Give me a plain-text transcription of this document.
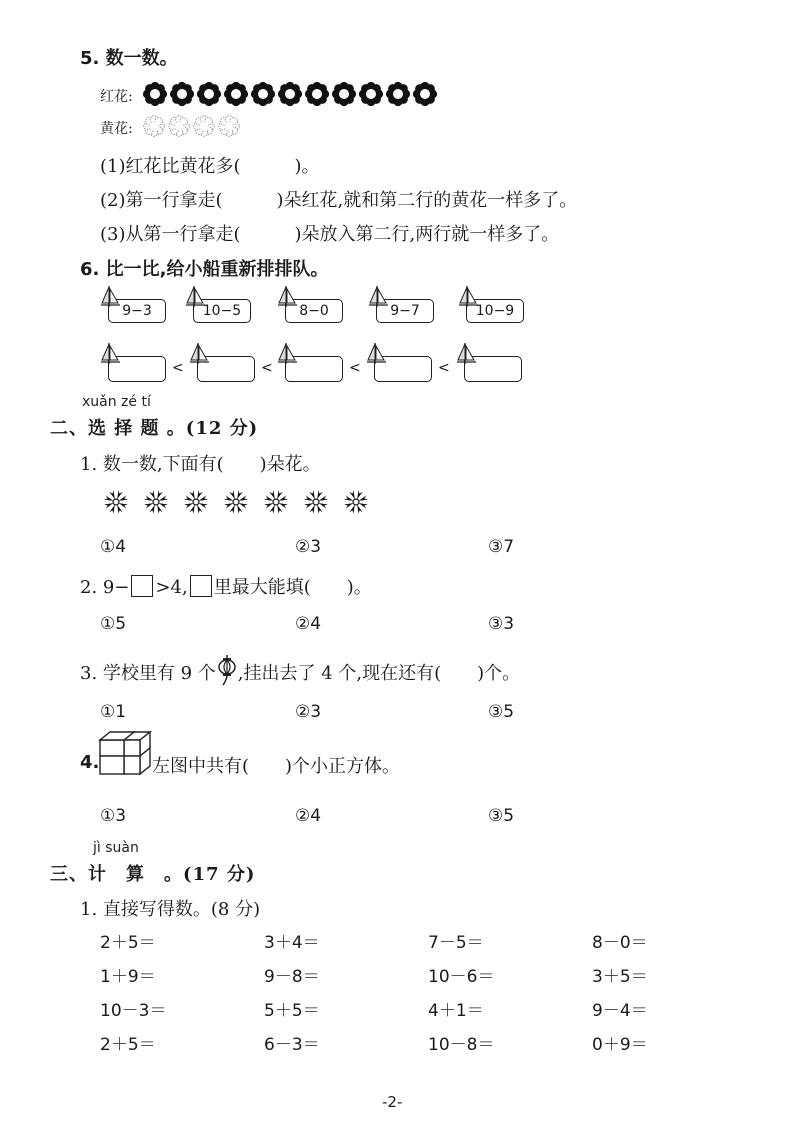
5. 数一数。
红花:
黄花:
(1)红花比黄花多(　　　)。
(2)第一行拿走(　　　)朵红花,就和第二行的黄花一样多了。
(3)从第一行拿走(　　　)朵放入第二行,两行就一样多了。
6. 比一比,给小船重新排排队。
9−3	10−5	8−0	9−7	10−9
<	<	<	<
xuǎn zé tí
二、选 择 题 。(12 分)
1. 数一数,下面有(　　)朵花。
①4	②3	③7
2. 9− >4, 里最大能填(　　)。
①5	②4	③3
3. 学校里有 9 个 ,挂出去了 4 个,现在还有(　　)个。
①1	②3	③5
4.	左图中共有(　　)个小正方体。
①3	②4	③5
jì suàn
三、计　算　。(17 分)
1. 直接写得数。(8 分)
2＋5＝	3＋4＝	7－5＝	8－0＝
1＋9＝	9－8＝	10－6＝	3＋5＝
10－3＝	5＋5＝	4＋1＝	9－4＝
2＋5＝	6－3＝	10－8＝	0＋9＝
-2-
